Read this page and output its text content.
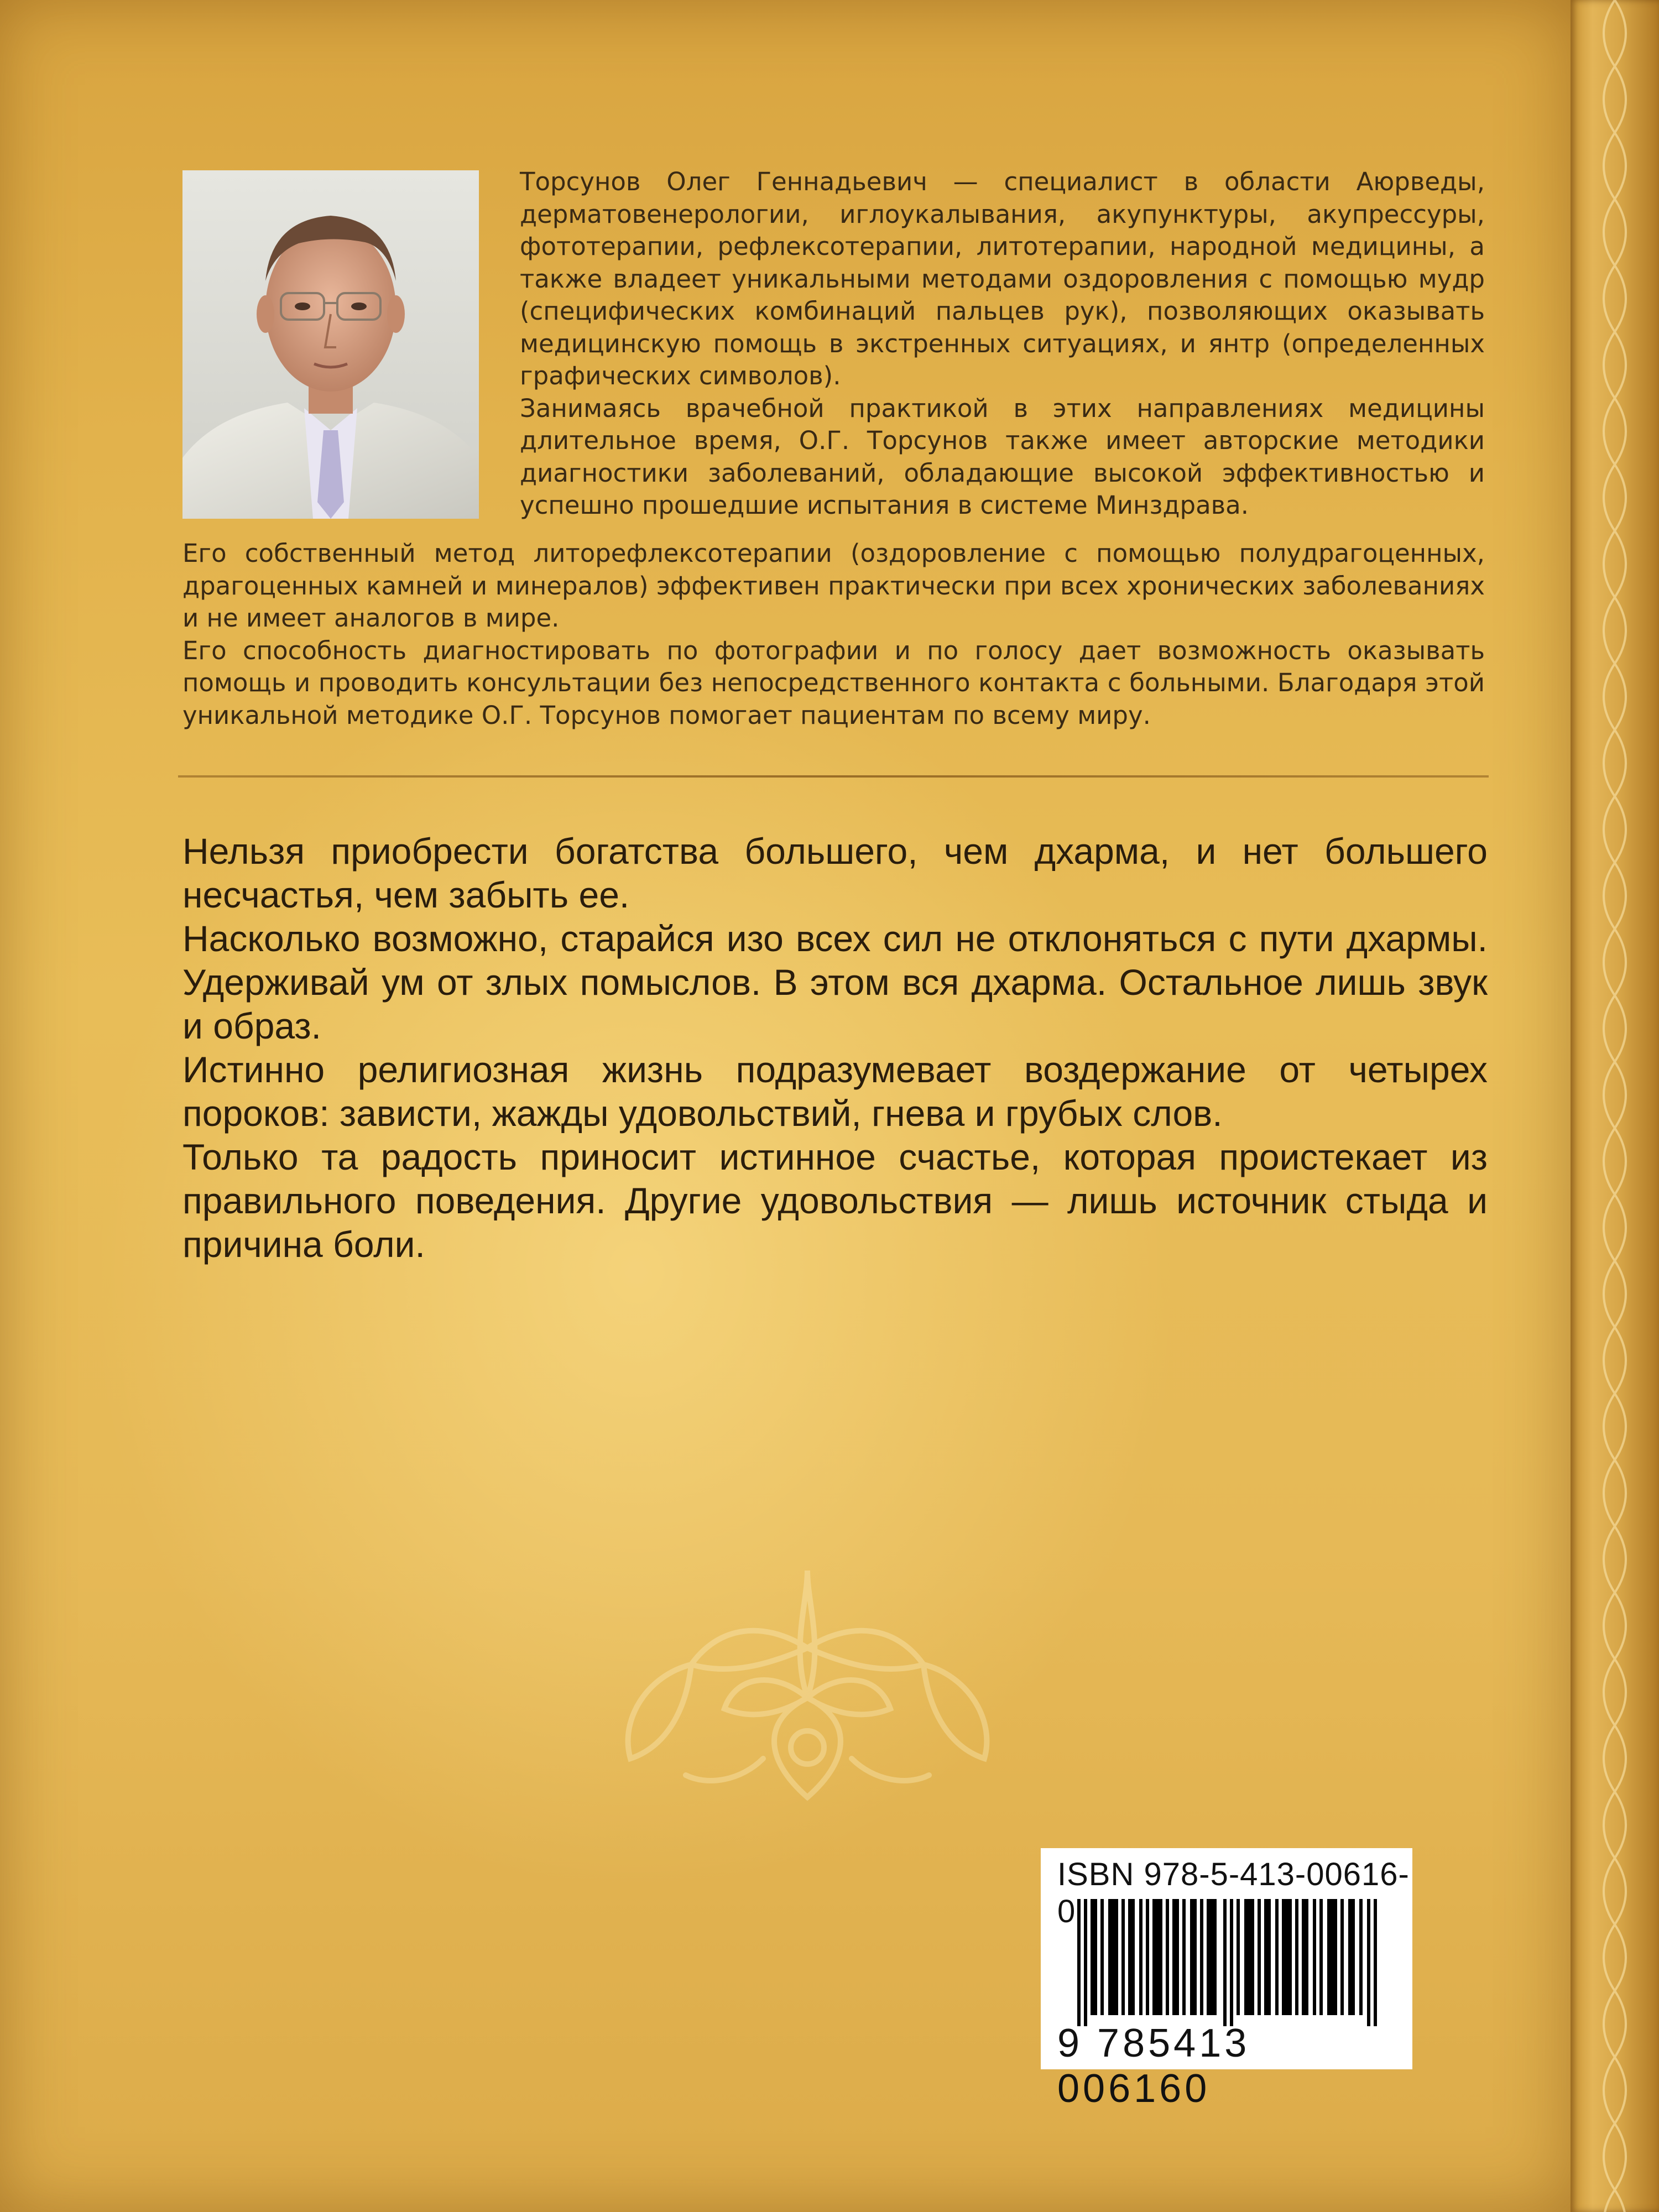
Торсунов Олег Геннадьевич — специалист в области Аюрведы, дерматовенерологии, иглоукалывания, акупунктуры, акупрессуры, фототерапии, рефлексотерапии, литотерапии, народной медицины, а также владеет уникальными методами оздоровления с помощью мудр (специфических комбинаций пальцев рук), позволяющих оказывать медицинскую помощь в экстренных ситуациях, и янтр (определенных графических символов).

Занимаясь врачебной практикой в этих направлениях медицины длительное время, О.Г. Торсунов также имеет авторские методики диагностики заболеваний, обладающие высокой эффективностью и успешно прошедшие испытания в системе Минздрава.

Его собственный метод литорефлексотерапии (оздоровление с помощью полудрагоценных, драгоценных камней и минералов) эффективен практически при всех хронических заболеваниях и не имеет аналогов в мире.

Его способность диагностировать по фотографии и по голосу дает возможность оказывать помощь и проводить консультации без непосредственного контакта с больными. Благодаря этой уникальной методике О.Г. Торсунов помогает пациентам по всему миру.

Нельзя приобрести богатства большего, чем дхарма, и нет большего несчастья, чем забыть ее.

Насколько возможно, старайся изо всех сил не отклоняться с пути дхармы. Удерживай ум от злых помыслов. В этом вся дхарма. Остальное лишь звук и образ.

Истинно религиозная жизнь подразумевает воздержание от четырех пороков: зависти, жажды удовольствий, гнева и грубых слов.

Только та радость приносит истинное счастье, которая проистекает из правильного поведения. Другие удовольствия — лишь источник стыда и причина боли.

ISBN 978-5-413-00616-0
9 785413 006160
